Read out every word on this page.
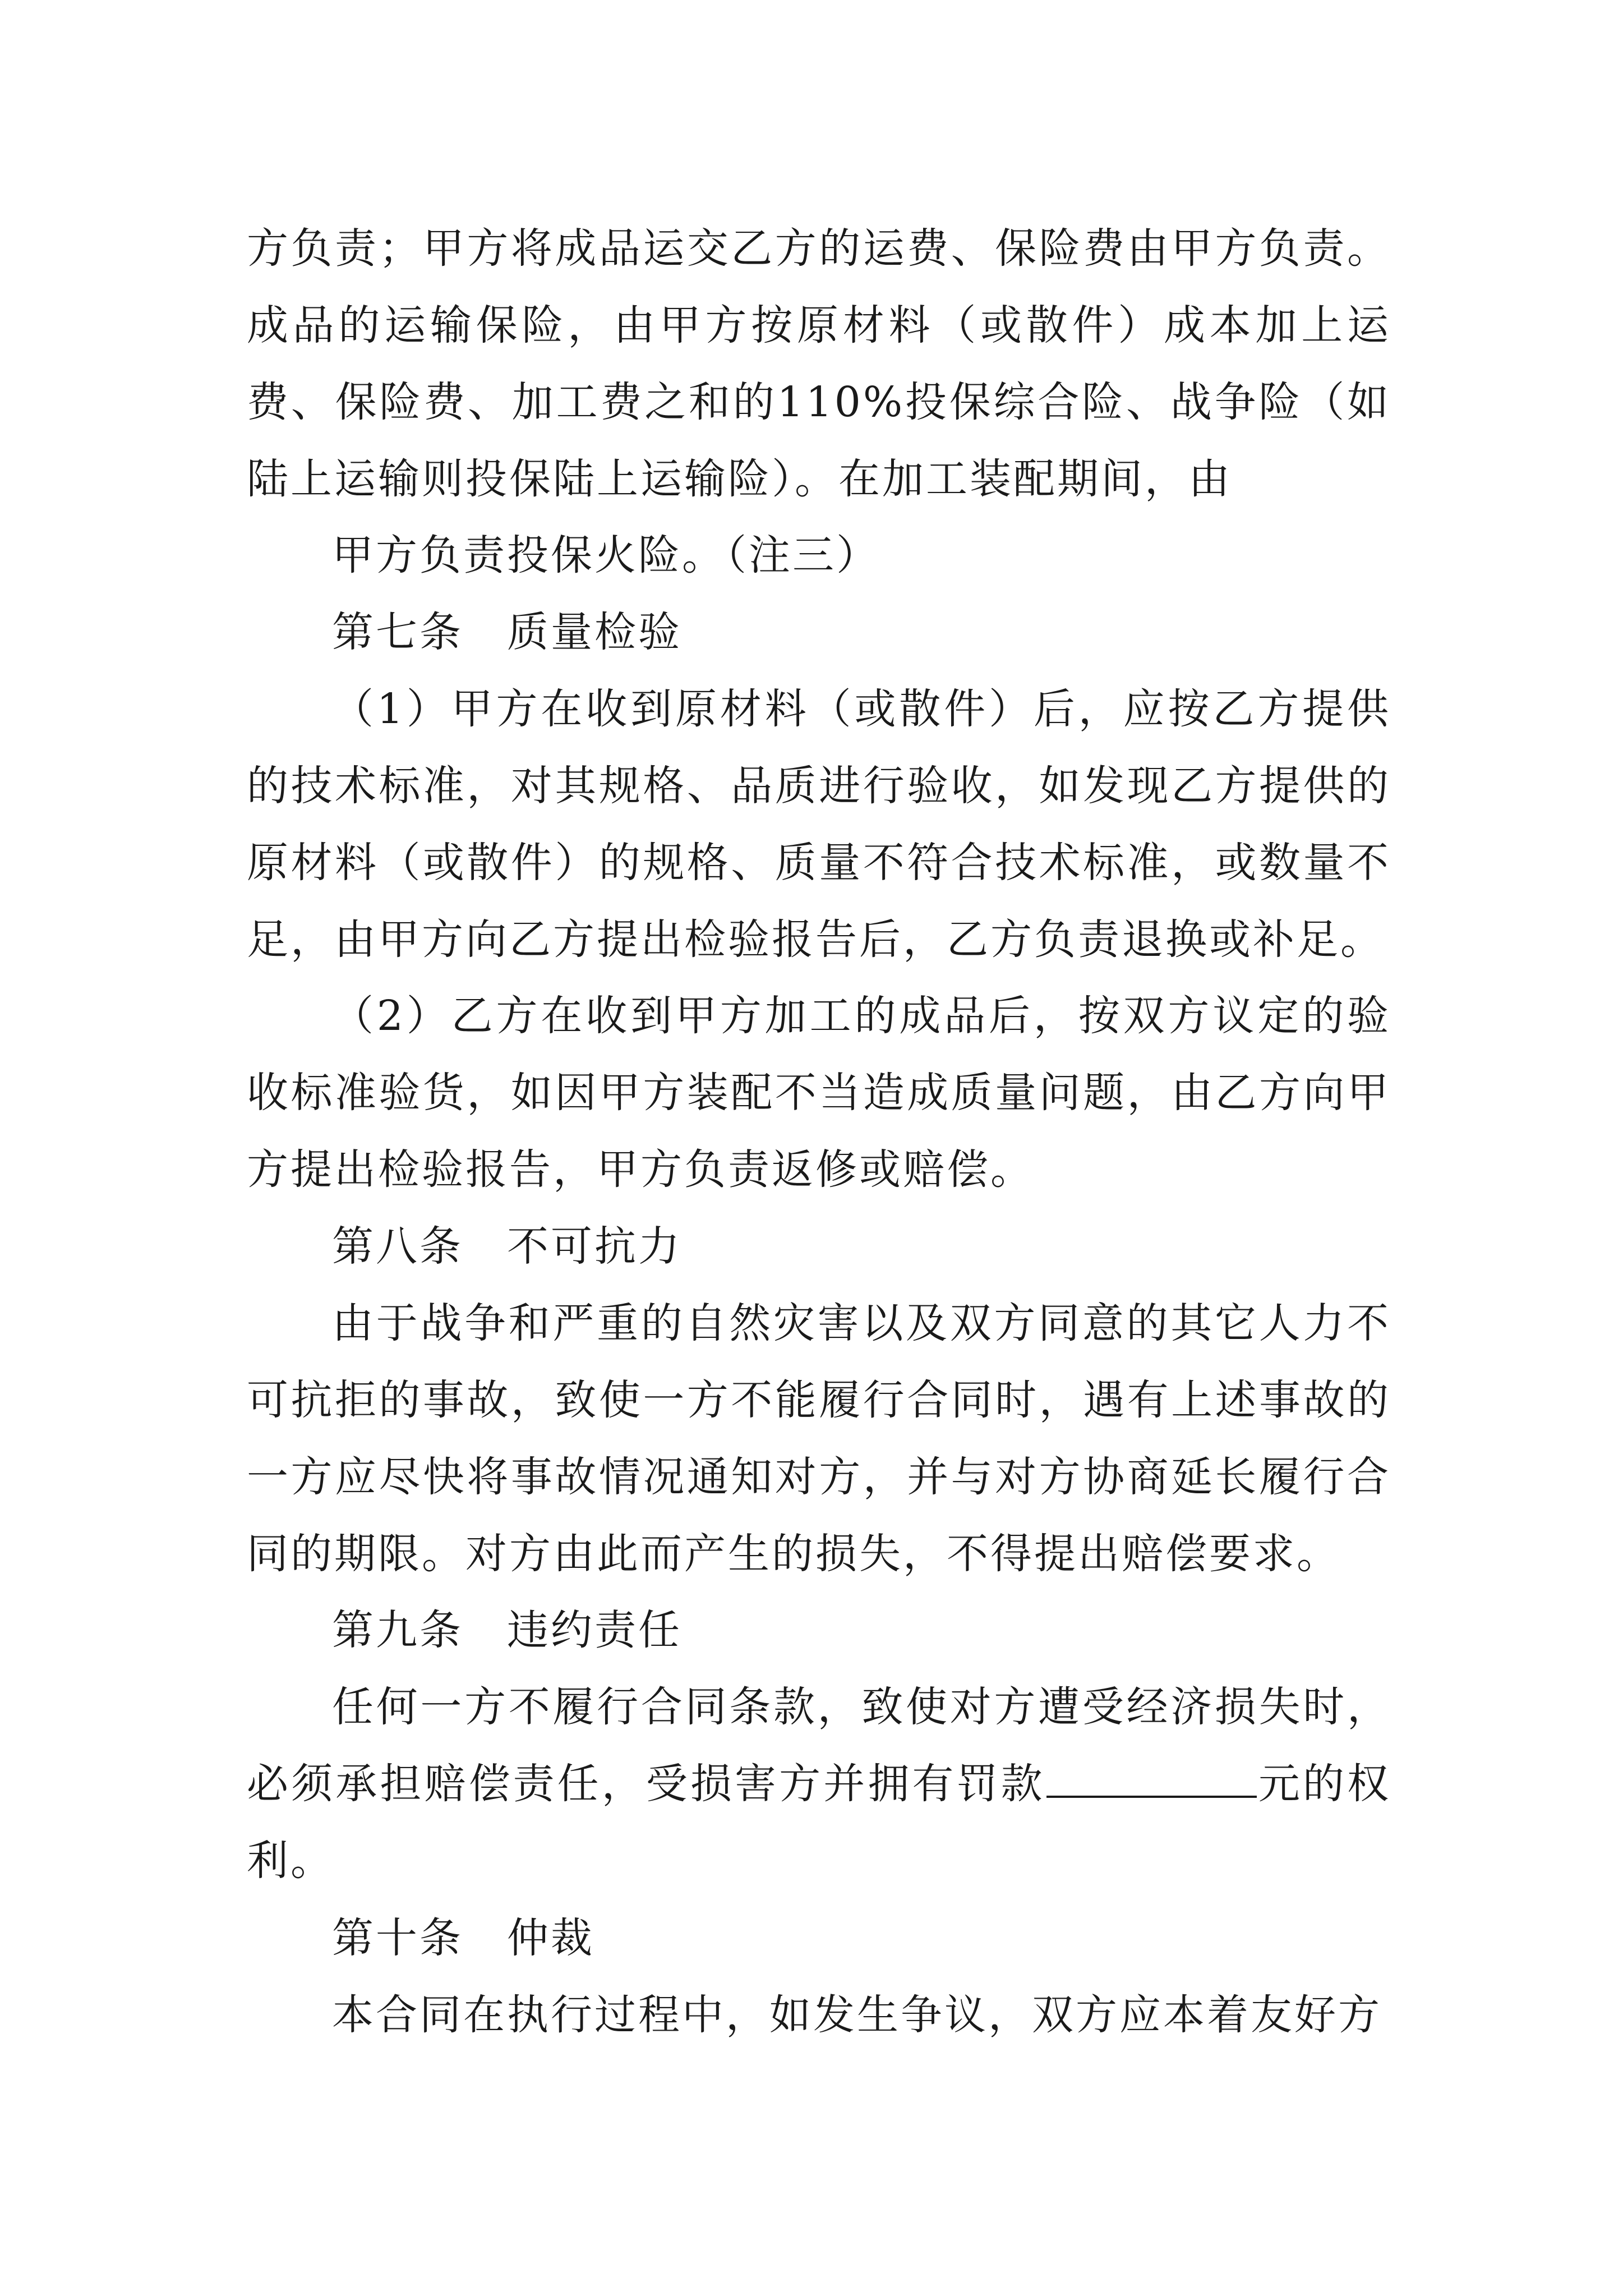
方负责；甲方将成品运交乙方的运费、保险费由甲方负责。成品的运输保险，由甲方按原材料（或散件）成本加上运费、保险费、加工费之和的110%投保综合险、战争险（如陆上运输则投保陆上运输险）。在加工装配期间，由

甲方负责投保火险。（注三）

第七条　质量检验

（1）甲方在收到原材料（或散件）后，应按乙方提供的技术标准，对其规格、品质进行验收，如发现乙方提供的原材料（或散件）的规格、质量不符合技术标准，或数量不足，由甲方向乙方提出检验报告后，乙方负责退换或补足。

（2）乙方在收到甲方加工的成品后，按双方议定的验收标准验货，如因甲方装配不当造成质量问题，由乙方向甲方提出检验报告，甲方负责返修或赔偿。

第八条　不可抗力

由于战争和严重的自然灾害以及双方同意的其它人力不可抗拒的事故，致使一方不能履行合同时，遇有上述事故的一方应尽快将事故情况通知对方，并与对方协商延长履行合同的期限。对方由此而产生的损失，不得提出赔偿要求。

第九条　违约责任

任何一方不履行合同条款，致使对方遭受经济损失时，必须承担赔偿责任，受损害方并拥有罚款	元的权利。

第十条　仲裁

本合同在执行过程中，如发生争议，双方应本着友好方
